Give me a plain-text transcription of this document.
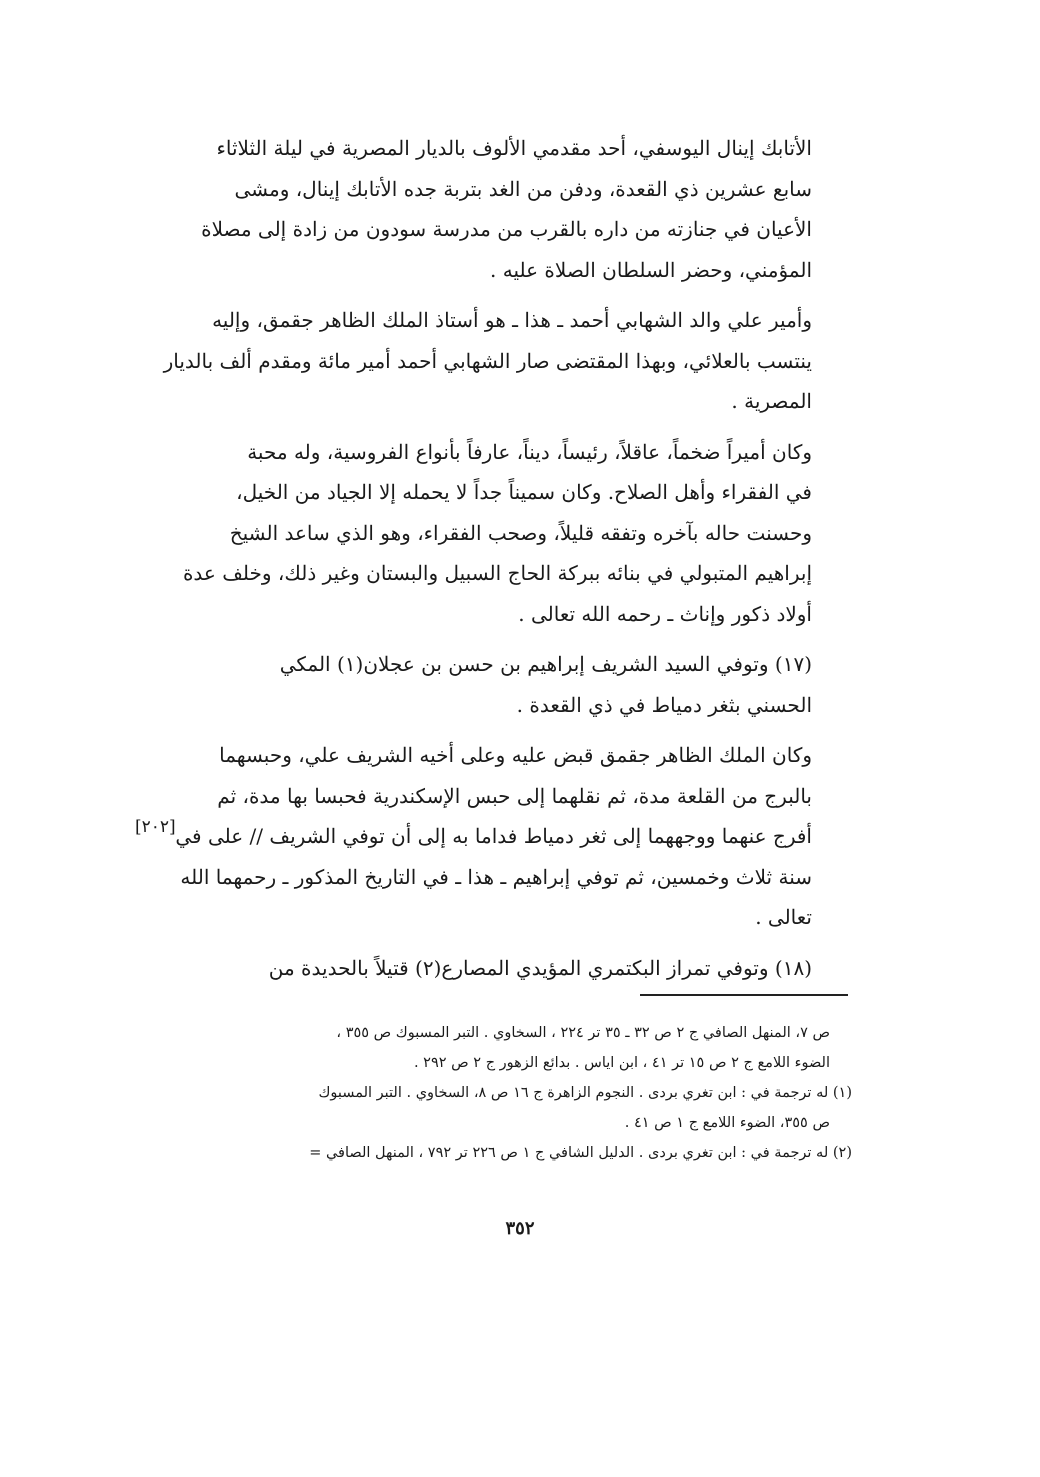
الأتابك إينال اليوسفي، أحد مقدمي الألوف بالديار المصرية في ليلة الثلاثاء
سابع عشرين ذي القعدة، ودفن من الغد بتربة جده الأتابك إينال، ومشى
الأعيان في جنازته من داره بالقرب من مدرسة سودون من زادة إلى مصلاة
المؤمني، وحضر السلطان الصلاة عليه .

وأمير علي والد الشهابي أحمد ـ هذا ـ هو أستاذ الملك الظاهر جقمق، وإليه
ينتسب بالعلائي، وبهذا المقتضى صار الشهابي أحمد أمير مائة ومقدم ألف بالديار
المصرية .

وكان أميراً ضخماً، عاقلاً، رئيساً، ديناً، عارفاً بأنواع الفروسية، وله محبة
في الفقراء وأهل الصلاح. وكان سميناً جداً لا يحمله إلا الجياد من الخيل،
وحسنت حاله بآخره وتفقه قليلاً، وصحب الفقراء، وهو الذي ساعد الشيخ
إبراهيم المتبولي في بنائه ببركة الحاج السبيل والبستان وغير ذلك، وخلف عدة
أولاد ذكور وإناث ـ رحمه الله تعالى .

(١٧) وتوفي السيد الشريف إبراهيم بن حسن بن عجلان(١) المكي
الحسني بثغر دمياط في ذي القعدة .

وكان الملك الظاهر جقمق قبض عليه وعلى أخيه الشريف علي، وحبسهما
بالبرج من القلعة مدة، ثم نقلهما إلى حبس الإسكندرية فحبسا بها مدة، ثم
أفرج عنهما ووجههما إلى ثغر دمياط فداما به إلى أن توفي الشريف // على في
سنة ثلاث وخمسين، ثم توفي إبراهيم ـ هذا ـ في التاريخ المذكور ـ رحمهما الله
تعالى .

(١٨) وتوفي تمراز البكتمري المؤيدي المصارع(٢) قتيلاً بالحديدة من

[٢٠٢]
ص ٧، المنهل الصافي ج ٢ ص ٣٢ ـ ٣٥ تر ٢٢٤ ، السخاوي . التبر المسبوك ص ٣٥٥ ،
الضوء اللامع ج ٢ ص ١٥ تر ٤١ ، ابن اياس . بدائع الزهور ج ٢ ص ٢٩٢ .
(١) له ترجمة في : ابن تغري بردى . النجوم الزاهرة ج ١٦ ص ٨، السخاوي . التبر المسبوك
ص ٣٥٥، الضوء اللامع ج ١ ص ٤١ .
(٢) له ترجمة في : ابن تغري بردى . الدليل الشافي ج ١ ص ٢٢٦ تر ٧٩٢ ، المنهل الصافي =
٣٥٢
